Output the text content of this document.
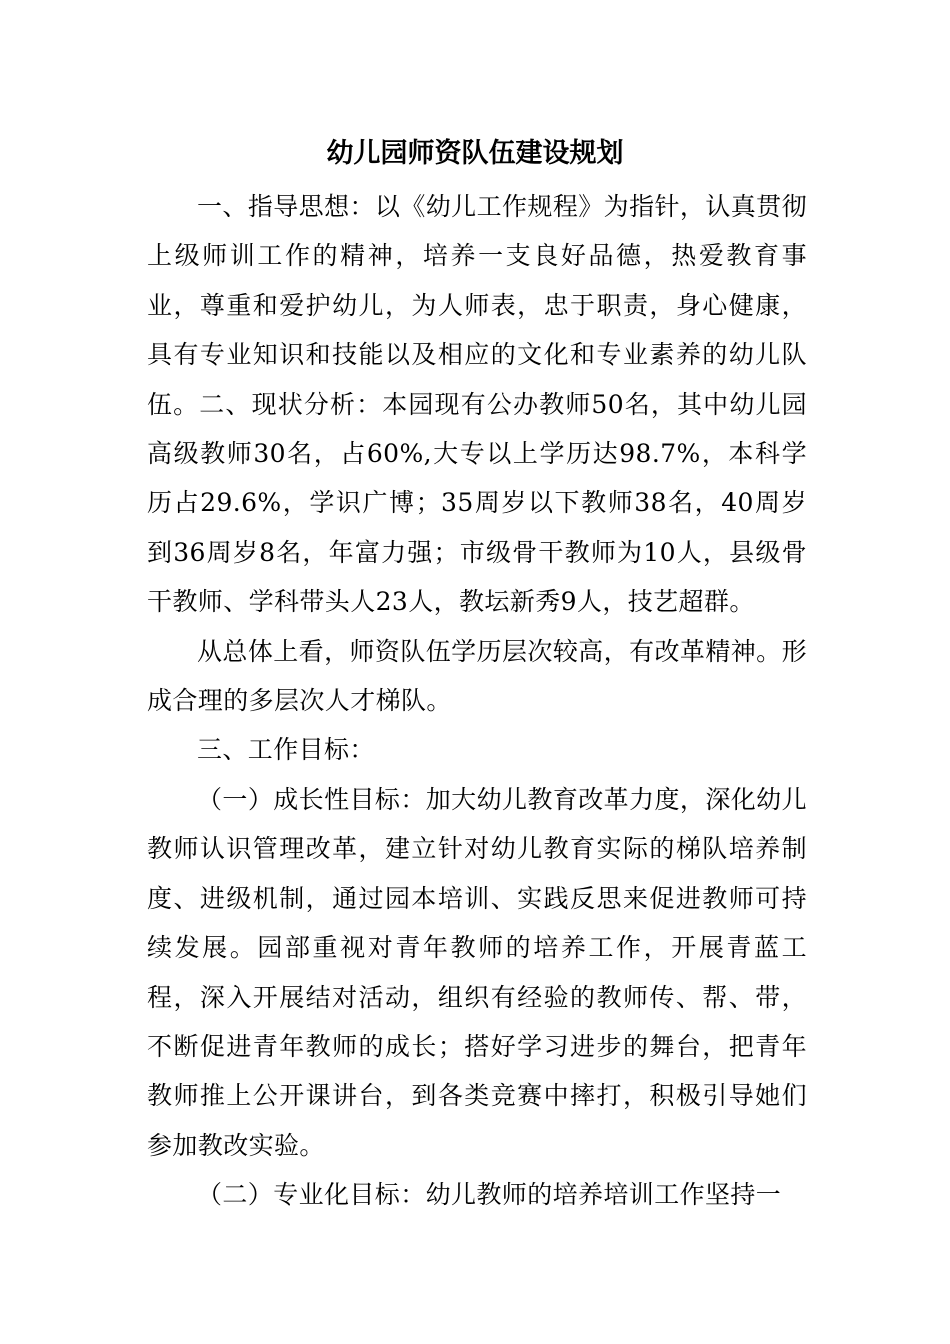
幼儿园师资队伍建设规划

一、指导思想：以《幼儿工作规程》为指针，认真贯彻上级师训工作的精神，培养一支良好品德，热爱教育事业，尊重和爱护幼儿，为人师表，忠于职责，身心健康，具有专业知识和技能以及相应的文化和专业素养的幼儿队伍。二、现状分析：本园现有公办教师50名，其中幼儿园高级教师30名，占60%,大专以上学历达98.7%，本科学历占29.6%，学识广博；35周岁以下教师38名，40周岁到36周岁8名，年富力强；市级骨干教师为10人，县级骨干教师、学科带头人23人，教坛新秀9人，技艺超群。

从总体上看，师资队伍学历层次较高，有改革精神。形成合理的多层次人才梯队。

三、工作目标：

（一）成长性目标：加大幼儿教育改革力度，深化幼儿教师认识管理改革，建立针对幼儿教育实际的梯队培养制度、进级机制，通过园本培训、实践反思来促进教师可持续发展。园部重视对青年教师的培养工作，开展青蓝工程，深入开展结对活动，组织有经验的教师传、帮、带，不断促进青年教师的成长；搭好学习进步的舞台，把青年教师推上公开课讲台，到各类竞赛中摔打，积极引导她们参加教改实验。

（二）专业化目标：幼儿教师的培养培训工作坚持一
